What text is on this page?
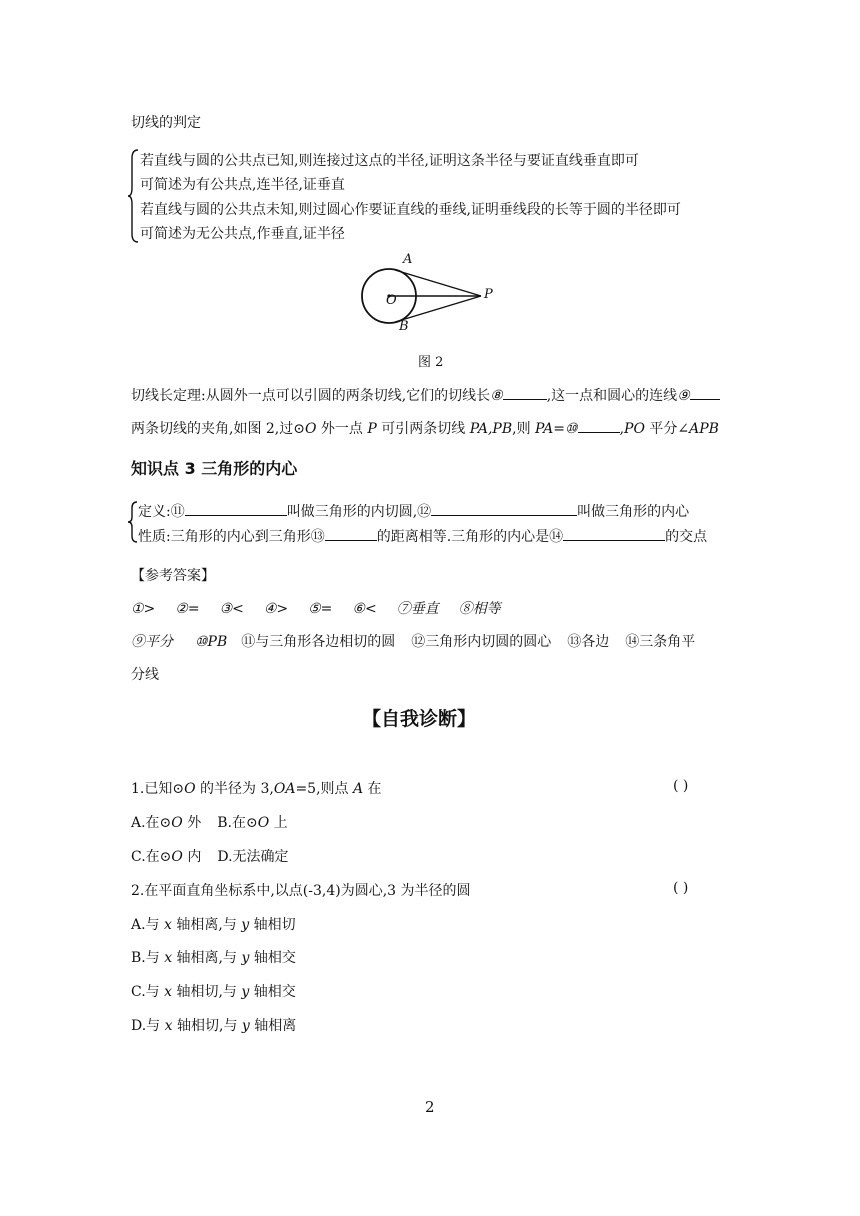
切线的判定
若直线与圆的公共点已知,则连接过这点的半径,证明这条半径与要证直线垂直即可
可简述为有公共点,连半径,证垂直
若直线与圆的公共点未知,则过圆心作要证直线的垂线,证明垂线段的长等于圆的半径即可
可简述为无公共点,作垂直,证半径
A
O	P
B
图 2
切线长定理:从圆外一点可以引圆的两条切线,它们的切线长⑧	,这一点和圆心的连线⑨
两条切线的夹角,如图 2,过⊙O 外一点 P 可引两条切线 PA,PB,则 PA=⑩	,PO 平分∠APB
知识点 3 三角形的内心
定义:⑪	叫做三角形的内切圆,⑫	叫做三角形的内心
性质:三角形的内心到三角形⑬	的距离相等.三角形的内心是⑭	的交点
【参考答案】
①> ②= ③< ④> ⑤= ⑥< ⑦垂直 ⑧相等
⑨平分 ⑩PB ⑪与三角形各边相切的圆 ⑫三角形内切圆的圆心 ⑬各边 ⑭三条角平
分线
【自我诊断】
1.已知⊙O 的半径为 3,OA=5,则点 A 在	( )
A.在⊙O 外 B.在⊙O 上
C.在⊙O 内 D.无法确定
2.在平面直角坐标系中,以点(-3,4)为圆心,3 为半径的圆	( )
A.与 x 轴相离,与 y 轴相切
B.与 x 轴相离,与 y 轴相交
C.与 x 轴相切,与 y 轴相交
D.与 x 轴相切,与 y 轴相离
2
